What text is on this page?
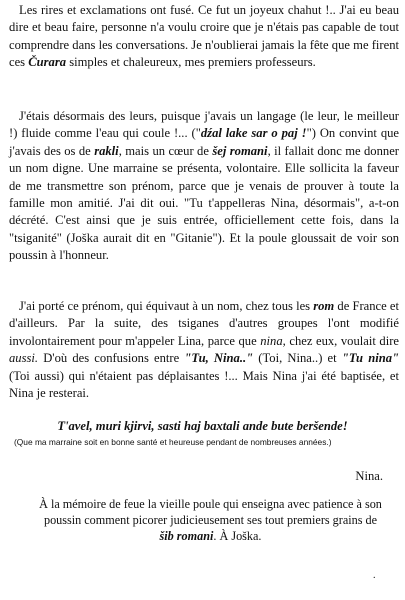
Les rires et exclamations ont fusé. Ce fut un joyeux chahut !.. J'ai eu beau dire et beau faire, personne n'a voulu croire que je n'étais pas capable de tout comprendre dans les conversations. Je n'oublierai jamais la fête que me firent ces Čurara simples et chaleureux, mes premiers professeurs.

J'étais désormais des leurs, puisque j'avais un langage (le leur, le meilleur !) fluide comme l'eau qui coule !... ("dźal lake sar o paj !") On convint que j'avais des os de rakli, mais un cœur de šej romani, il fallait donc me donner un nom digne. Une marraine se présenta, volontaire. Elle sollicita la faveur de me transmettre son prénom, parce que je venais de prouver à toute la famille mon amitié. J'ai dit oui. "Tu t'appelleras Nina, désormais", a-t-on décrété. C'est ainsi que je suis entrée, officiellement cette fois, dans la "tsiganité" (Joška aurait dit en "Gitanie"). Et la poule gloussait de voir son poussin à l'honneur.

J'ai porté ce prénom, qui équivaut à un nom, chez tous les rom de France et d'ailleurs. Par la suite, des tsiganes d'autres groupes l'ont modifié involontairement pour m'appeler Lina, parce que nina, chez eux, voulait dire aussi. D'où des confusions entre "Tu, Nina.." (Toi, Nina..) et "Tu nina" (Toi aussi) qui n'étaient pas déplaisantes !... Mais Nina j'ai été baptisée, et Nina je resterai.

T'avel, muri kjirvi, sasti haj baxtali ande bute beršende!
(Que ma marraine soit en bonne santé et heureuse pendant de nombreuses années.)
Nina.
À la mémoire de feue la vieille poule qui enseigna avec patience à son poussin comment picorer judicieusement ses tout premiers grains de šib romani. À Joška.
.
